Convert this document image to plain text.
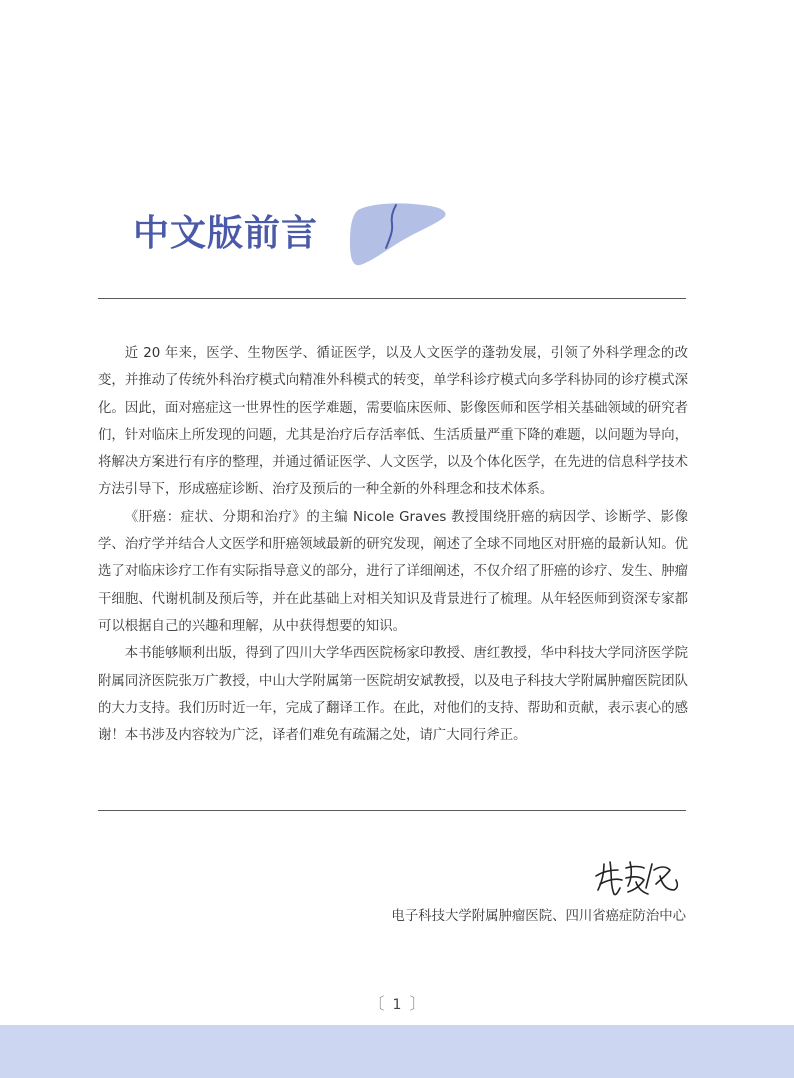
中文版前言

近 20 年来，医学、生物医学、循证医学，以及人文医学的蓬勃发展，引领了外科学理念的改变，并推动了传统外科治疗模式向精准外科模式的转变，单学科诊疗模式向多学科协同的诊疗模式深化。因此，面对癌症这一世界性的医学难题，需要临床医师、影像医师和医学相关基础领域的研究者们，针对临床上所发现的问题，尤其是治疗后存活率低、生活质量严重下降的难题，以问题为导向，将解决方案进行有序的整理，并通过循证医学、人文医学，以及个体化医学，在先进的信息科学技术方法引导下，形成癌症诊断、治疗及预后的一种全新的外科理念和技术体系。

《肝癌：症状、分期和治疗》的主编 Nicole Graves 教授围绕肝癌的病因学、诊断学、影像学、治疗学并结合人文医学和肝癌领域最新的研究发现，阐述了全球不同地区对肝癌的最新认知。优选了对临床诊疗工作有实际指导意义的部分，进行了详细阐述，不仅介绍了肝癌的诊疗、发生、肿瘤干细胞、代谢机制及预后等，并在此基础上对相关知识及背景进行了梳理。从年轻医师到资深专家都可以根据自己的兴趣和理解，从中获得想要的知识。

本书能够顺利出版，得到了四川大学华西医院杨家印教授、唐红教授，华中科技大学同济医学院附属同济医院张万广教授，中山大学附属第一医院胡安斌教授，以及电子科技大学附属肿瘤医院团队的大力支持。我们历时近一年，完成了翻译工作。在此，对他们的支持、帮助和贡献，表示衷心的感谢！本书涉及内容较为广泛，译者们难免有疏漏之处，请广大同行斧正。

电子科技大学附属肿瘤医院、四川省癌症防治中心
〔 1 〕
